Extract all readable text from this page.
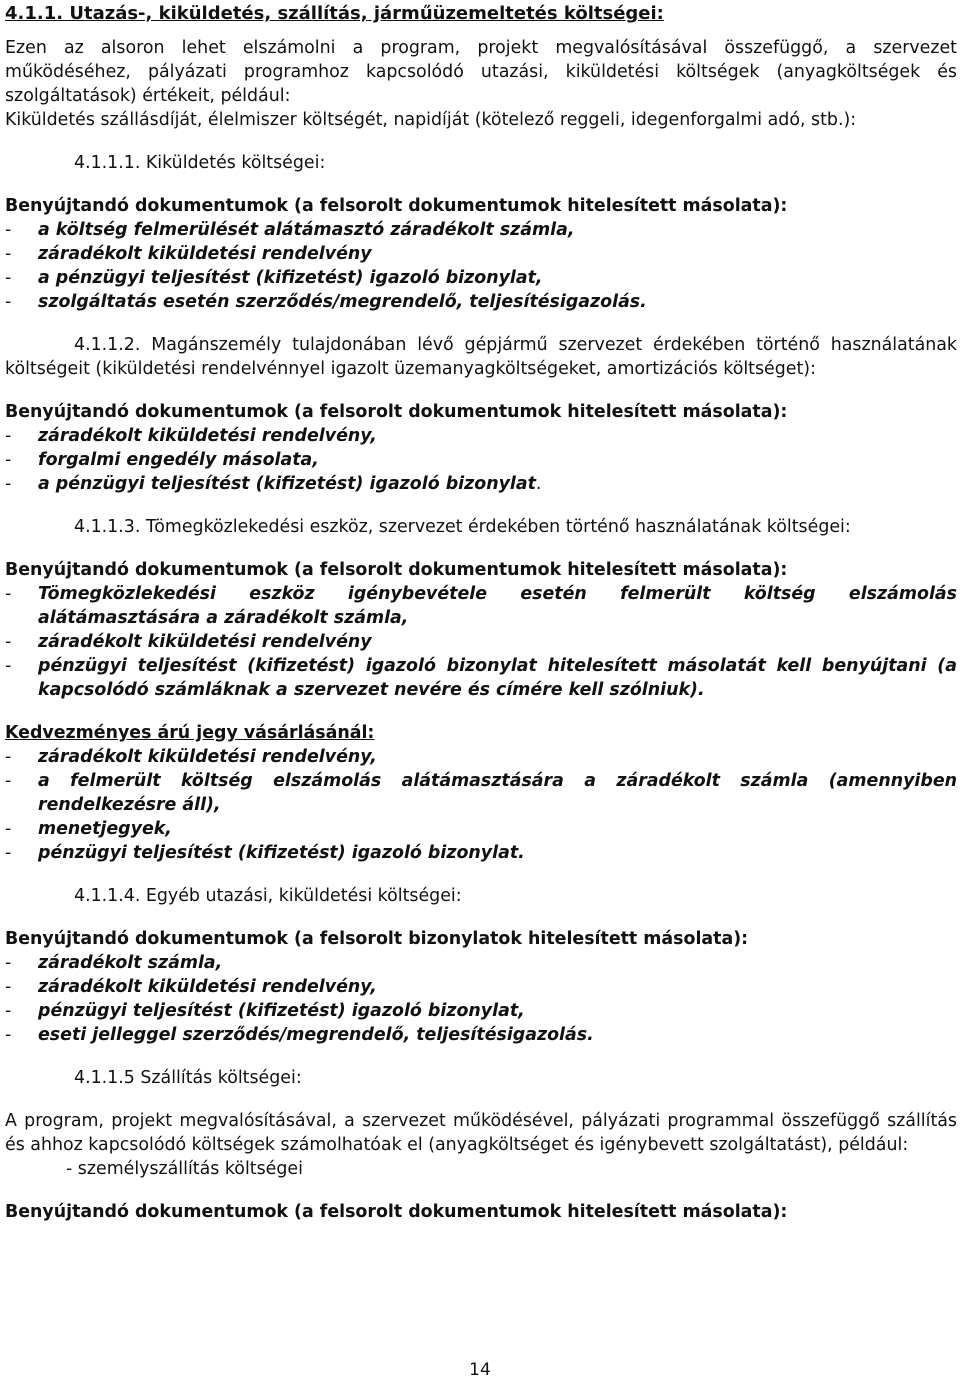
4.1.1. Utazás-, kiküldetés, szállítás, járműüzemeltetés költségei:

Ezen az alsoron lehet elszámolni a program, projekt megvalósításával összefüggő, a szervezet működéséhez, pályázati programhoz kapcsolódó utazási, kiküldetési költségek (anyagköltségek és szolgáltatások) értékeit, például:

Kiküldetés szállásdíját, élelmiszer költségét, napidíját (kötelező reggeli, idegenforgalmi adó, stb.):

4.1.1.1. Kiküldetés költségei:

Benyújtandó dokumentumok (a felsorolt dokumentumok hitelesített másolata):

- a költség felmerülését alátámasztó záradékolt számla,

- záradékolt kiküldetési rendelvény

- a pénzügyi teljesítést (kifizetést) igazoló bizonylat,

- szolgáltatás esetén szerződés/megrendelő, teljesítésigazolás.

4.1.1.2. Magánszemély tulajdonában lévő gépjármű szervezet érdekében történő használatának költségeit (kiküldetési rendelvénnyel igazolt üzemanyagköltségeket, amortizációs költséget):

Benyújtandó dokumentumok (a felsorolt dokumentumok hitelesített másolata):

- záradékolt kiküldetési rendelvény,

- forgalmi engedély másolata,

- a pénzügyi teljesítést (kifizetést) igazoló bizonylat.

4.1.1.3. Tömegközlekedési eszköz, szervezet érdekében történő használatának költségei:

Benyújtandó dokumentumok (a felsorolt dokumentumok hitelesített másolata):

- Tömegközlekedési eszköz igénybevétele esetén felmerült költség elszámolás alátámasztására a záradékolt számla,

- záradékolt kiküldetési rendelvény

- pénzügyi teljesítést (kifizetést) igazoló bizonylat hitelesített másolatát kell benyújtani (a kapcsolódó számláknak a szervezet nevére és címére kell szólniuk).

Kedvezményes árú jegy vásárlásánál:

- záradékolt kiküldetési rendelvény,

- a felmerült költség elszámolás alátámasztására a záradékolt számla (amennyiben rendelkezésre áll),

- menetjegyek,

- pénzügyi teljesítést (kifizetést) igazoló bizonylat.

4.1.1.4. Egyéb utazási, kiküldetési költségei:

Benyújtandó dokumentumok (a felsorolt bizonylatok hitelesített másolata):

- záradékolt számla,

- záradékolt kiküldetési rendelvény,

- pénzügyi teljesítést (kifizetést) igazoló bizonylat,

- eseti jelleggel szerződés/megrendelő, teljesítésigazolás.

4.1.1.5 Szállítás költségei:

A program, projekt megvalósításával, a szervezet működésével, pályázati programmal összefüggő szállítás és ahhoz kapcsolódó költségek számolhatóak el (anyagköltséget és igénybevett szolgáltatást), például:

- személyszállítás költségei

Benyújtandó dokumentumok (a felsorolt dokumentumok hitelesített másolata):

14
